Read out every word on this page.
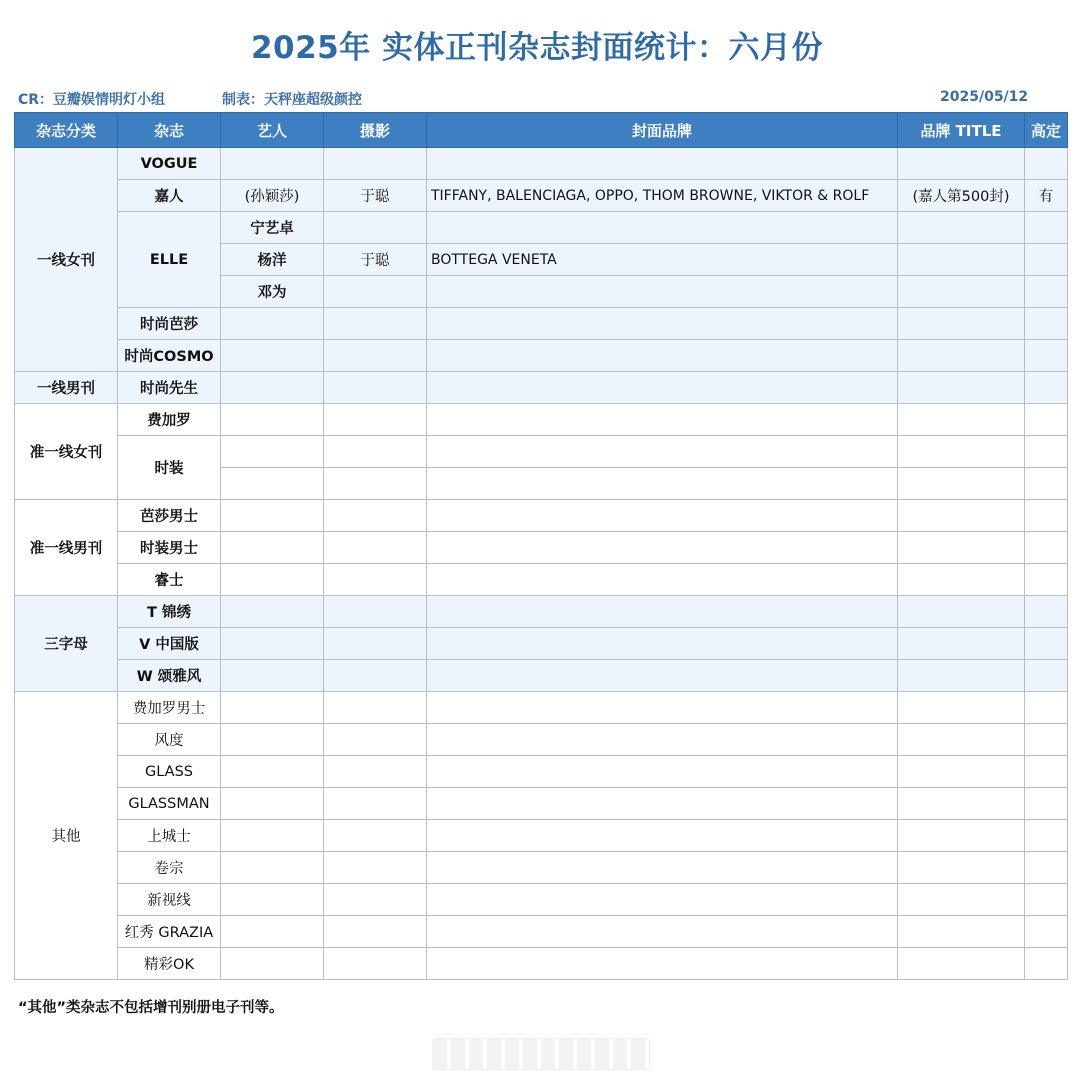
2025年 实体正刊杂志封面统计：六月份
CR：豆瓣娱情明灯小组	制表：天秤座超级颜控	2025/05/12
杂志分类	杂志	艺人	摄影	封面品牌	品牌 TITLE	高定
一线女刊	VOGUE					
	嘉人	(孙颖莎)	于聪	TIFFANY, BALENCIAGA, OPPO, THOM BROWNE, VIKTOR & ROLF	(嘉人第500封)	有
	ELLE	宁艺卓				
		杨洋	于聪	BOTTEGA VENETA		
		邓为				
	时尚芭莎					
	时尚COSMO					
一线男刊	时尚先生					
准一线女刊	费加罗					
	时装					

准一线男刊	芭莎男士					
	时装男士					
	睿士					
三字母	T 锦绣					
	V 中国版					
	W 颂雅风					
其他	费加罗男士					
	风度					
	GLASS					
	GLASSMAN					
	上城士					
	卷宗					
	新视线					
	红秀 GRAZIA					
	精彩OK					
“其他”类杂志不包括增刊别册电子刊等。
